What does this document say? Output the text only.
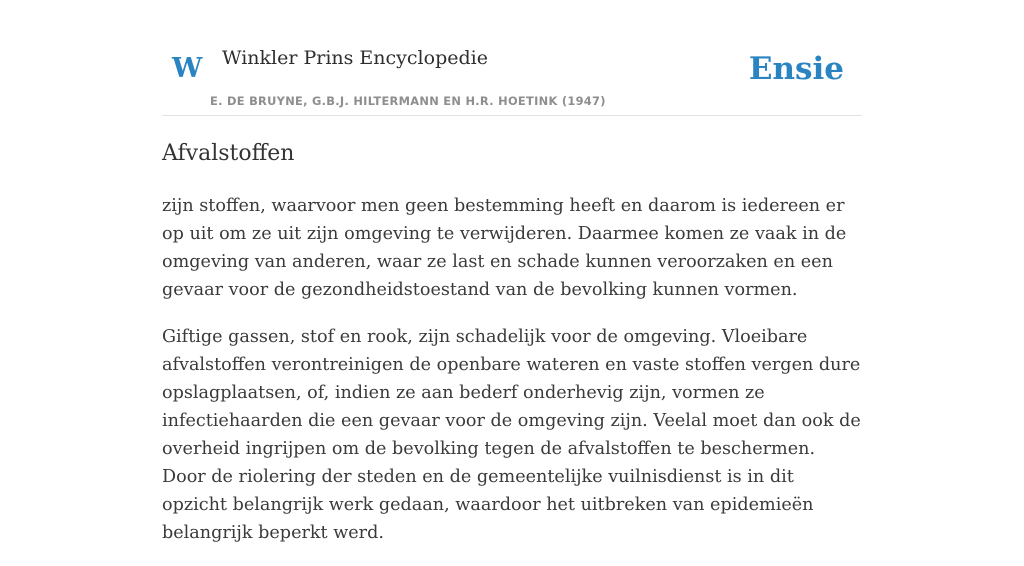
W Winkler Prins Encyclopedie
E. DE BRUYNE, G.B.J. HILTERMANN EN H.R. HOETINK (1947)
Ensie
Afvalstoffen

zijn stoffen, waarvoor men geen bestemming heeft en daarom is iedereen er op uit om ze uit zijn omgeving te verwijderen. Daarmee komen ze vaak in de omgeving van anderen, waar ze last en schade kunnen veroorzaken en een gevaar voor de gezondheidstoestand van de bevolking kunnen vormen.

Giftige gassen, stof en rook, zijn schadelijk voor de omgeving. Vloeibare afvalstoffen verontreinigen de openbare wateren en vaste stoffen vergen dure opslagplaatsen, of, indien ze aan bederf onderhevig zijn, vormen ze infectiehaarden die een gevaar voor de omgeving zijn. Veelal moet dan ook de overheid ingrijpen om de bevolking tegen de afvalstoffen te beschermen. Door de riolering der steden en de gemeentelijke vuilnisdienst is in dit opzicht belangrijk werk gedaan, waardoor het uitbreken van epidemieën belangrijk beperkt werd.
